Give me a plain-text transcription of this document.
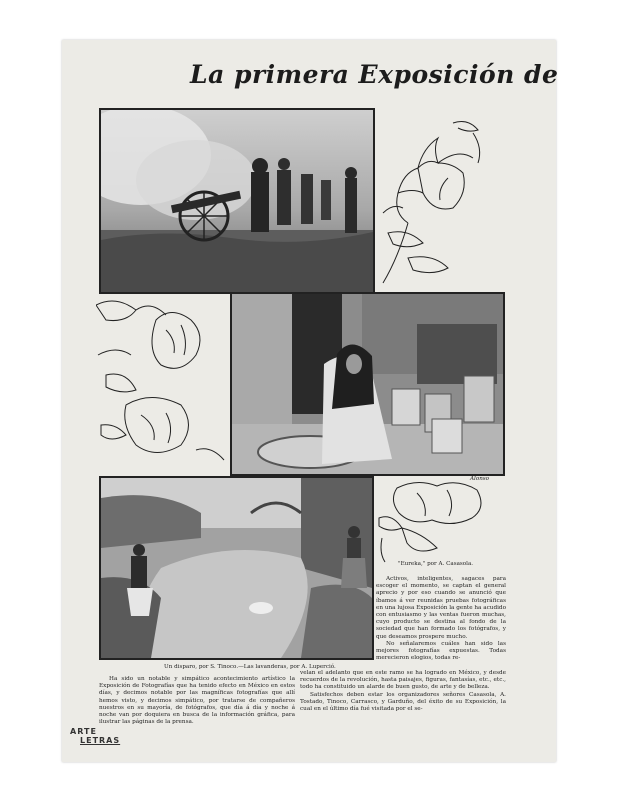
La primera Exposición de
Alonso
"Eureka," por A. Casasola.
Un disparo, por S. Tinoco.—Las lavanderas, por A. Luperció.

Activos, inteligentes, sagaces para escoger el momento, se captan el general aprecio y por eso cuando se anunció que íbamos á ver reunidas pruebas fotográficas en una lujosa Exposición la gente ha acudido con entusiasmo y las ventas fueron muchas, cuyo producto se destina al fondo de la sociedad que han formado los fotógrafos, y que deseamos prospere mucho.

No señalaremos cuáles han sido las mejores fotografías expuestas. Todas merecieron elogios, todas re-

Ha sido un notable y simpático acontecimiento artístico la Exposición de Fotografías que ha tenido efecto en México en estos días, y decimos notable por las magníficas fotografías que allí hemos visto, y decimos simpático, por tratarse de compañeros nuestros en su mayoría, de fotógrafos, que día á día y noche á noche van por doquiera en busca de la información gráfica, para ilustrar las páginas de la prensa.

velan el adelanto que en este ramo se ha logrado en México, y desde recuerdos de la revolución, hasta paisajes, figuras, fantasías, etc., etc., todo ha constituido un alarde de buen gusto, de arte y de belleza.

Satisfechos deben estar los organizadores señores Casasola, A. Tostado, Tinoco, Carrasco, y Garduño, del éxito de su Exposición, la cual en el último día fué visitada por el se-

ARTE
LETRAS
